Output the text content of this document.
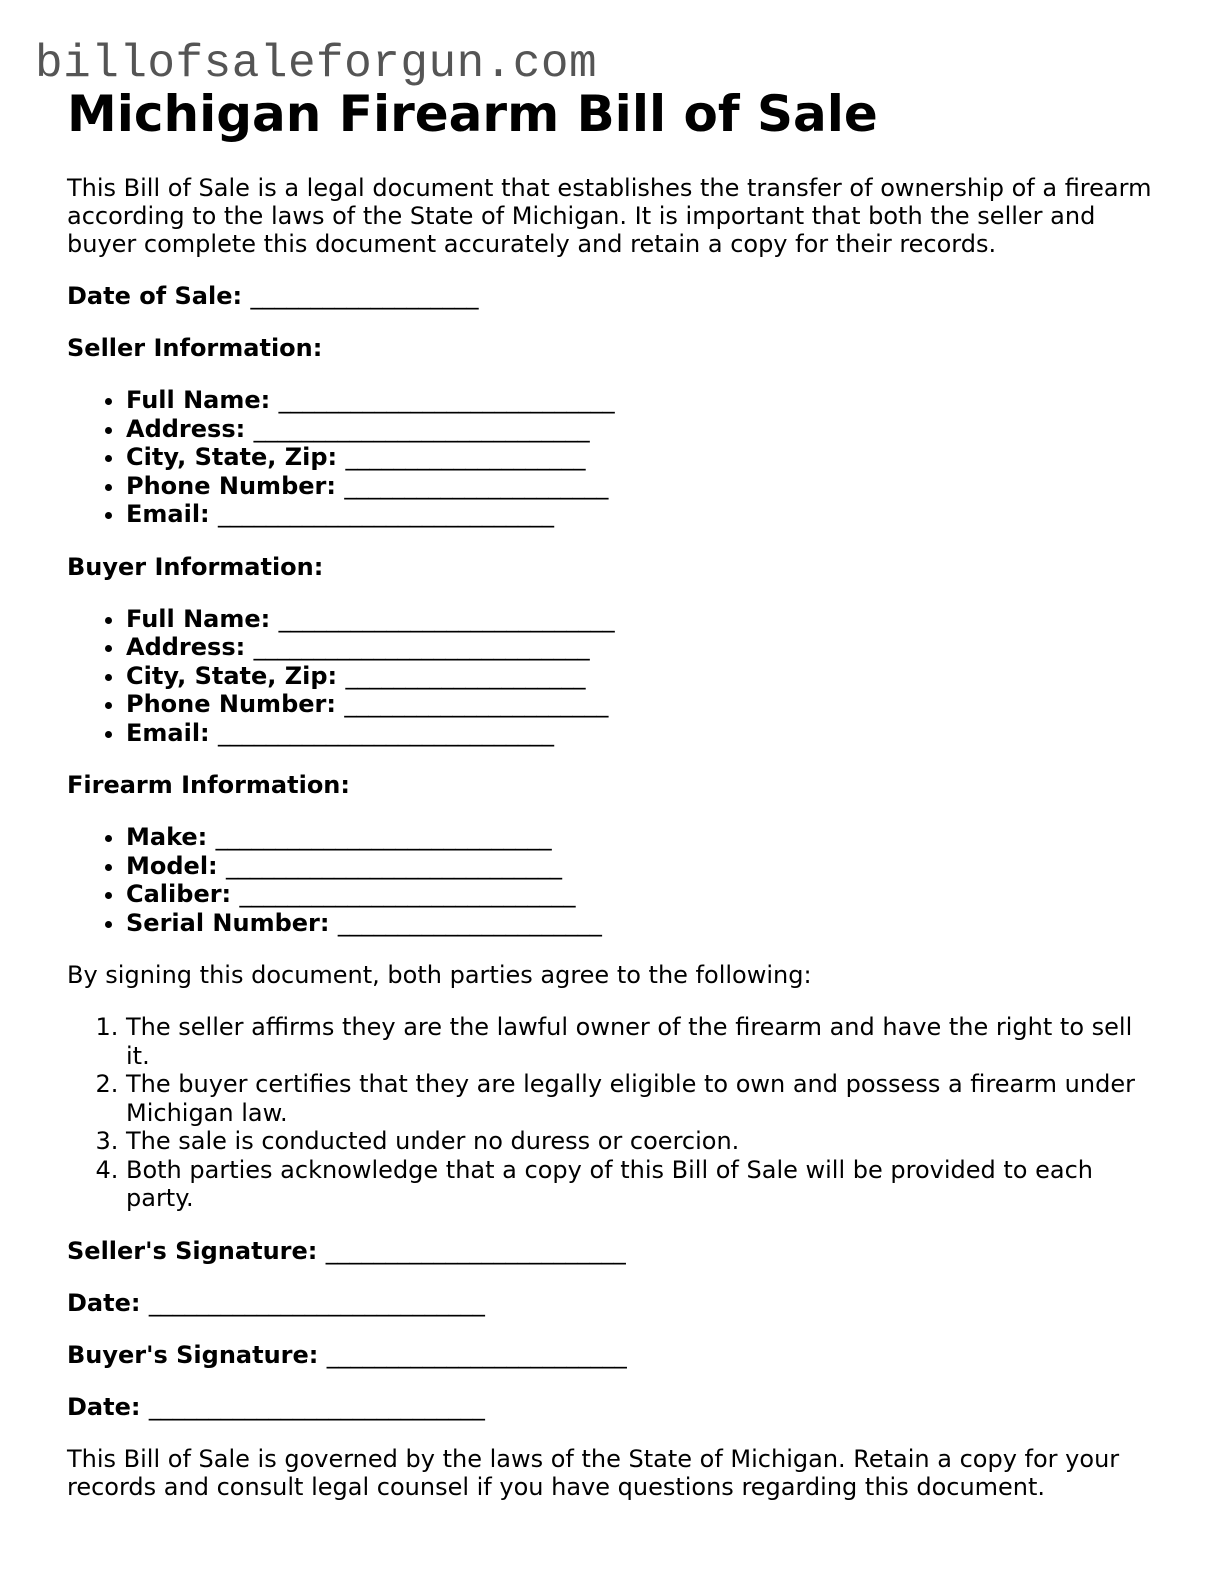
billofsaleforgun.com
Michigan Firearm Bill of Sale

This Bill of Sale is a legal document that establishes the transfer of ownership of a firearm according to the laws of the State of Michigan. It is important that both the seller and buyer complete this document accurately and retain a copy for their records.

Date of Sale: ___________________
Seller Information:
• Full Name: ____________________________
• Address: ____________________________
• City, State, Zip: ____________________
• Phone Number: ______________________
• Email: ____________________________
Buyer Information:
• Full Name: ____________________________
• Address: ____________________________
• City, State, Zip: ____________________
• Phone Number: ______________________
• Email: ____________________________
Firearm Information:
• Make: ____________________________
• Model: ____________________________
• Caliber: ____________________________
• Serial Number: ______________________

By signing this document, both parties agree to the following:

1. The seller affirms they are the lawful owner of the firearm and have the right to sell it.
2. The buyer certifies that they are legally eligible to own and possess a firearm under Michigan law.
3. The sale is conducted under no duress or coercion.
4. Both parties acknowledge that a copy of this Bill of Sale will be provided to each party.
Seller's Signature: _________________________
Date: ____________________________
Buyer's Signature: _________________________
Date: ____________________________

This Bill of Sale is governed by the laws of the State of Michigan. Retain a copy for your records and consult legal counsel if you have questions regarding this document.
